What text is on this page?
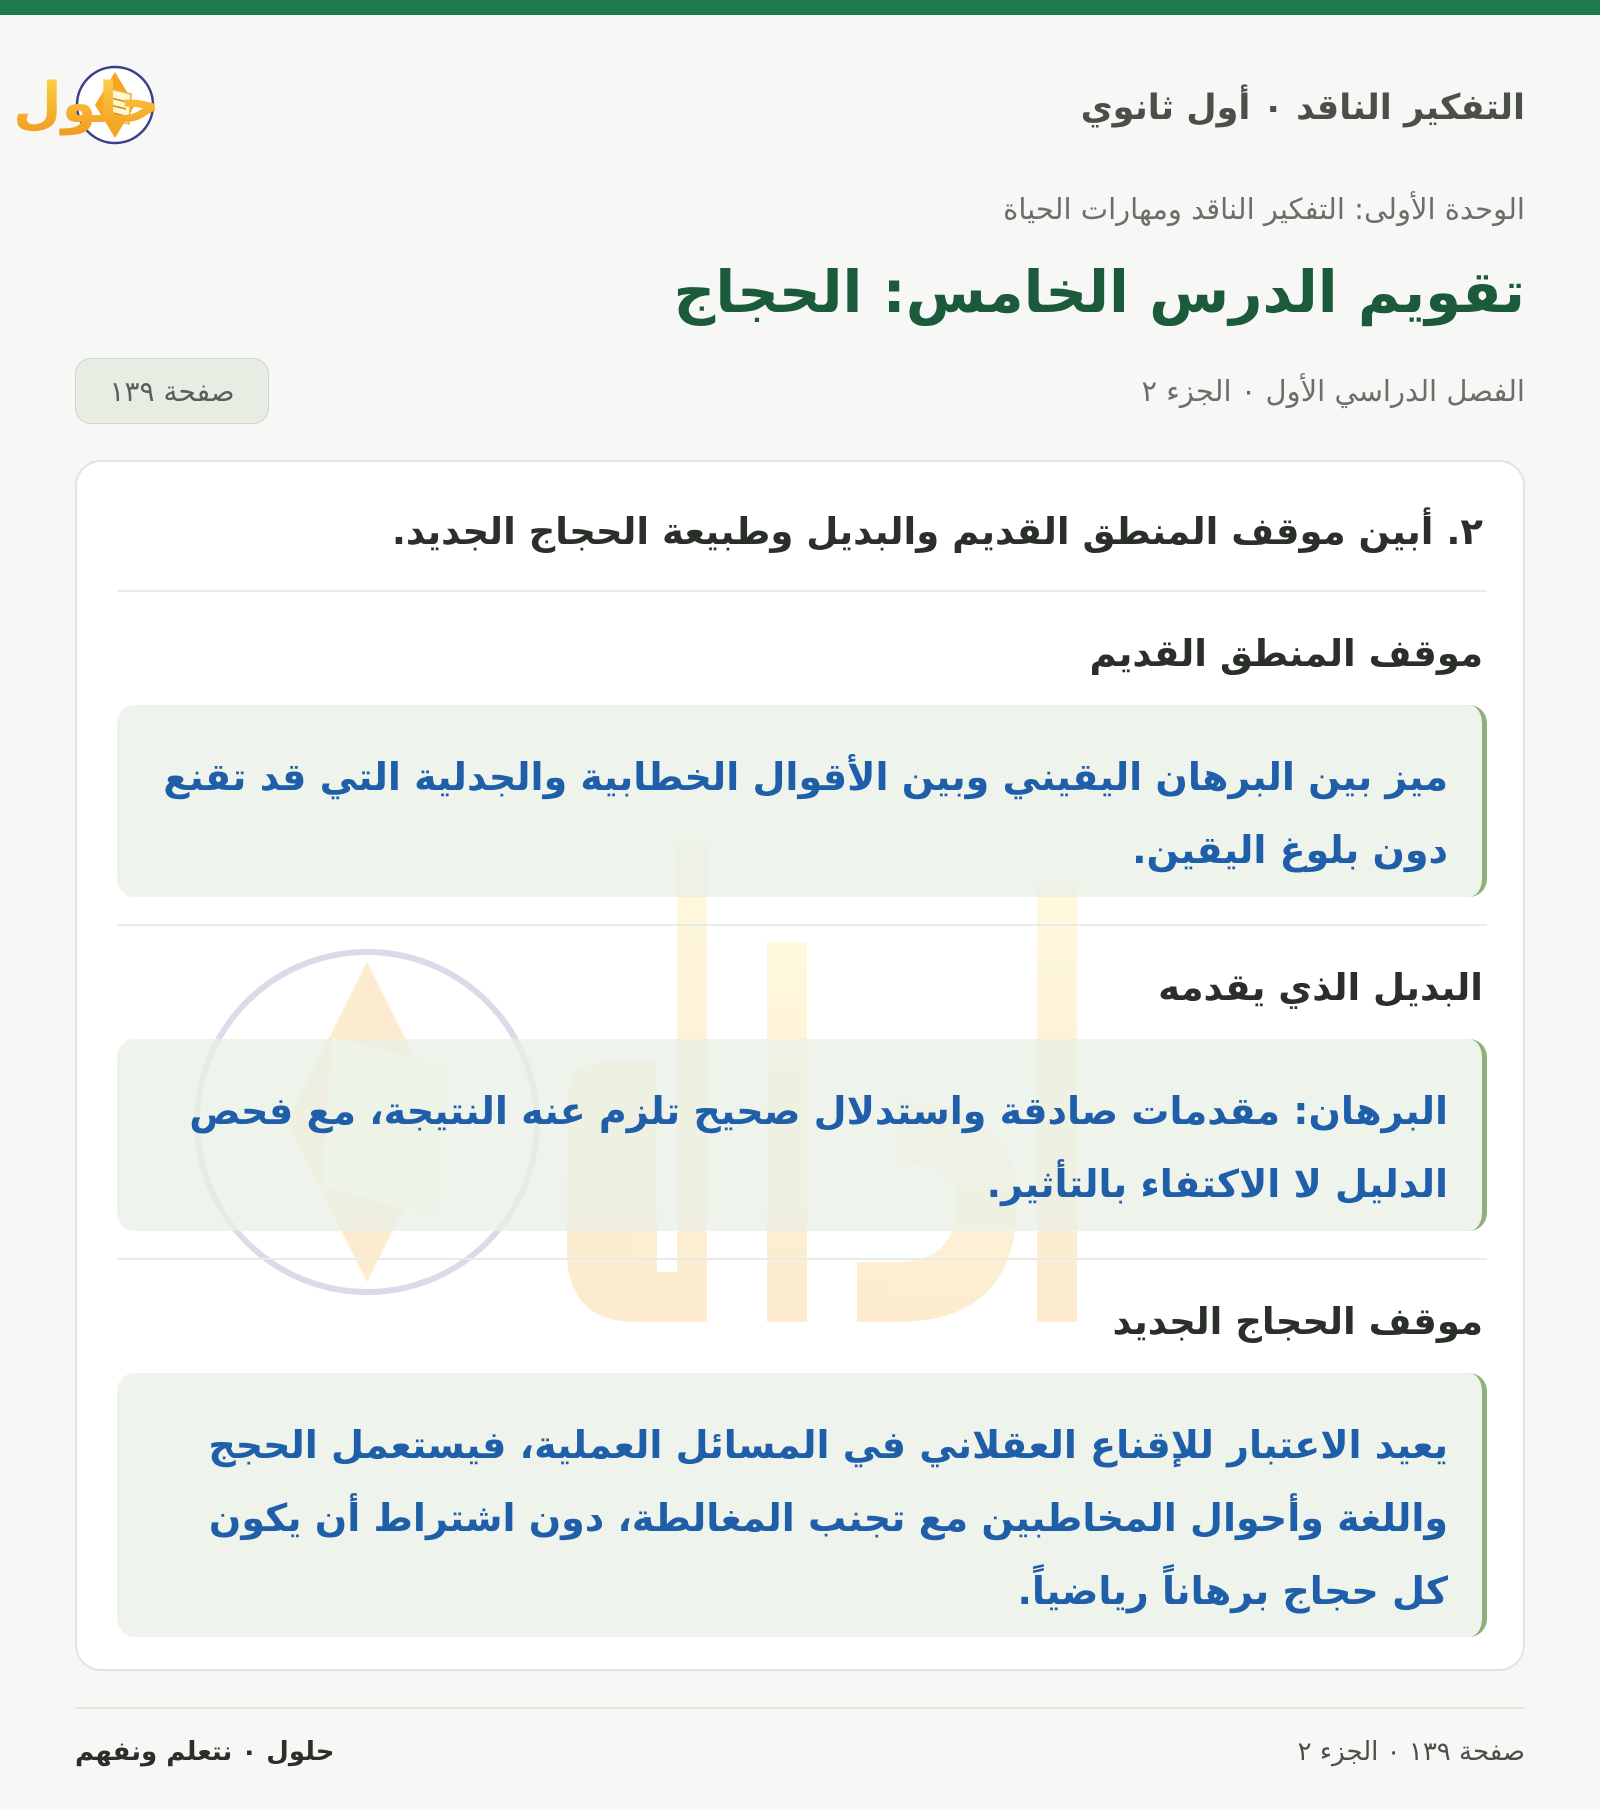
التفكير الناقد ٠ أول ثانوي
حلول
الوحدة الأولى: التفكير الناقد ومهارات الحياة
تقويم الدرس الخامس: الحجاج
الفصل الدراسي الأول ٠ الجزء ٢
صفحة ١٣٩
٢. أبين موقف المنطق القديم والبديل وطبيعة الحجاج الجديد.
موقف المنطق القديم
ميز بين البرهان اليقيني وبين الأقوال الخطابية والجدلية التي قد تقنع دون بلوغ اليقين.
البديل الذي يقدمه
البرهان: مقدمات صادقة واستدلال صحيح تلزم عنه النتيجة، مع فحص الدليل لا الاكتفاء بالتأثير.
موقف الحجاج الجديد
يعيد الاعتبار للإقناع العقلاني في المسائل العملية، فيستعمل الحجج واللغة وأحوال المخاطبين مع تجنب المغالطة، دون اشتراط أن يكون كل حجاج برهاناً رياضياً.
حلول ٠ نتعلم ونفهم	صفحة ١٣٩ ٠ الجزء ٢
